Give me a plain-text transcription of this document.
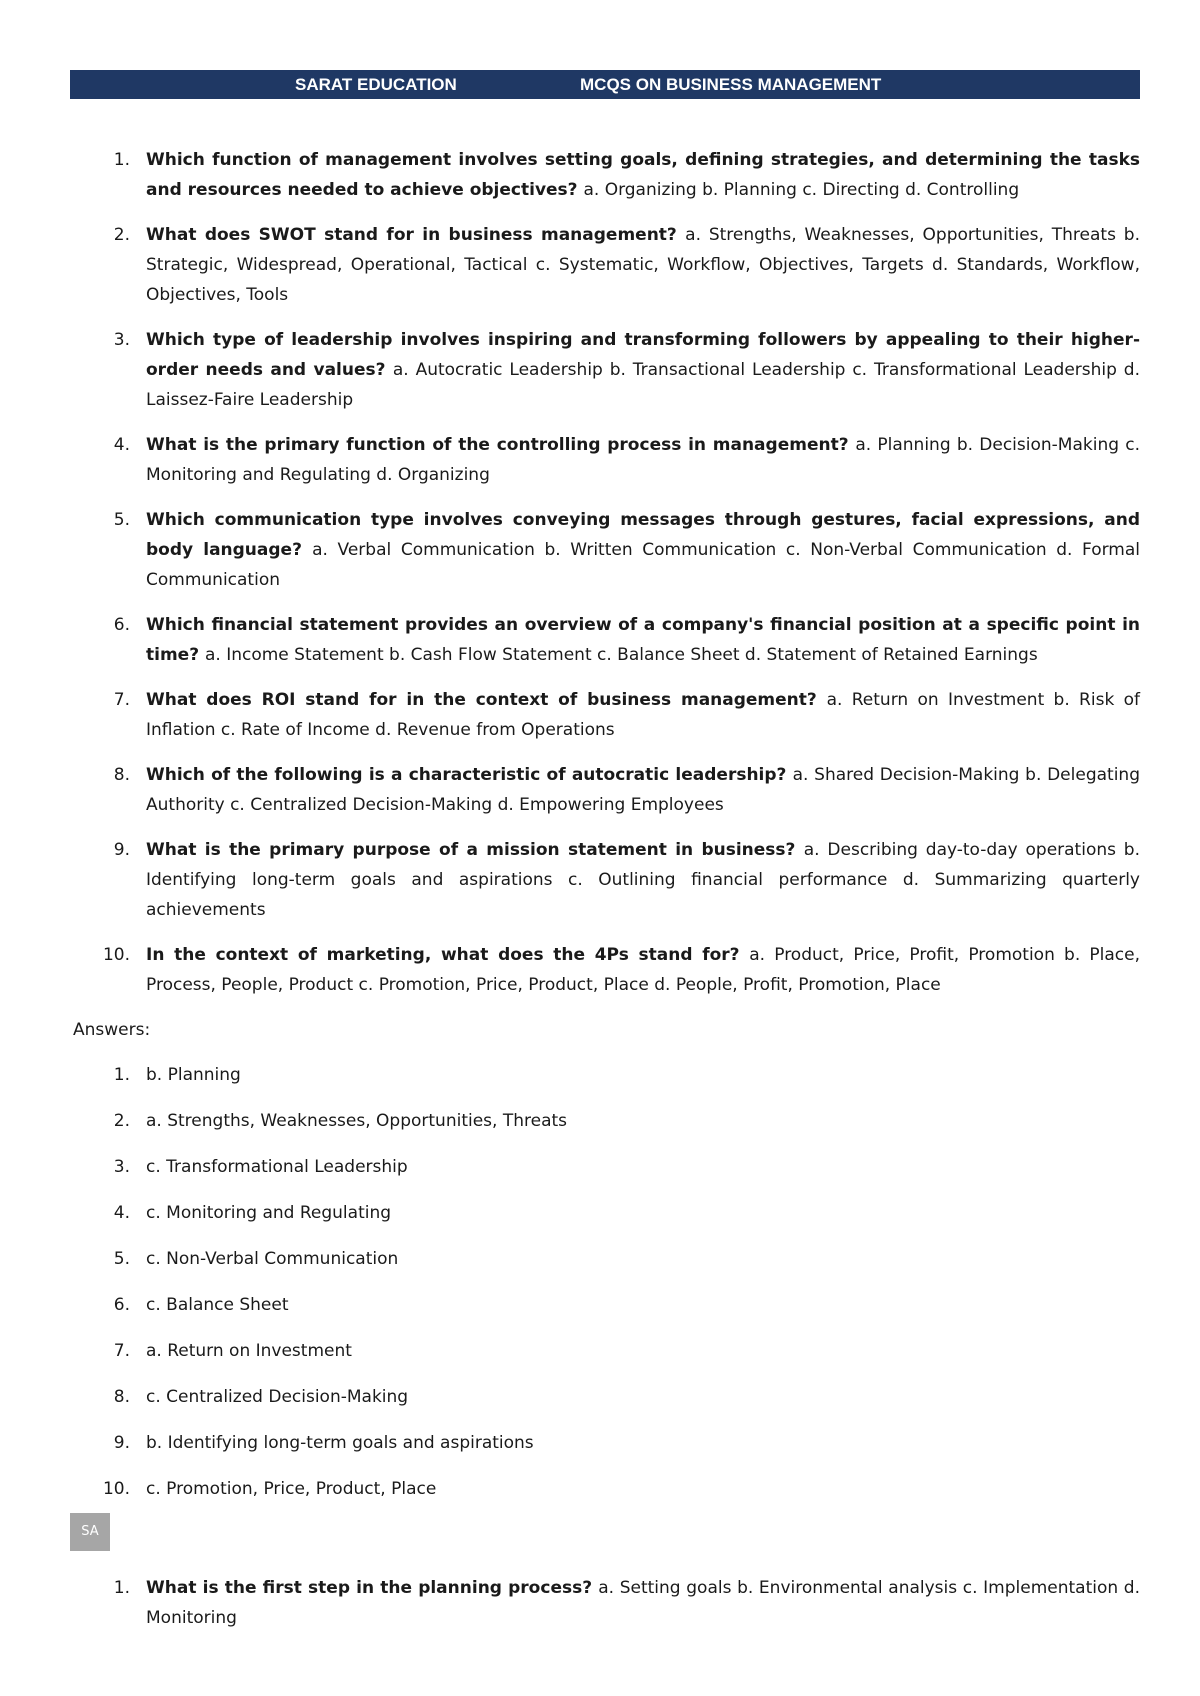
SARAT EDUCATION	MCQS ON BUSINESS MANAGEMENT
1. Which function of management involves setting goals, defining strategies, and determining the tasks and resources needed to achieve objectives? a. Organizing b. Planning c. Directing d. Controlling
2. What does SWOT stand for in business management? a. Strengths, Weaknesses, Opportunities, Threats b. Strategic, Widespread, Operational, Tactical c. Systematic, Workflow, Objectives, Targets d. Standards, Workflow, Objectives, Tools
3. Which type of leadership involves inspiring and transforming followers by appealing to their higher-order needs and values? a. Autocratic Leadership b. Transactional Leadership c. Transformational Leadership d. Laissez-Faire Leadership
4. What is the primary function of the controlling process in management? a. Planning b. Decision-Making c. Monitoring and Regulating d. Organizing
5. Which communication type involves conveying messages through gestures, facial expressions, and body language? a. Verbal Communication b. Written Communication c. Non-Verbal Communication d. Formal Communication
6. Which financial statement provides an overview of a company's financial position at a specific point in time? a. Income Statement b. Cash Flow Statement c. Balance Sheet d. Statement of Retained Earnings
7. What does ROI stand for in the context of business management? a. Return on Investment b. Risk of Inflation c. Rate of Income d. Revenue from Operations
8. Which of the following is a characteristic of autocratic leadership? a. Shared Decision-Making b. Delegating Authority c. Centralized Decision-Making d. Empowering Employees
9. What is the primary purpose of a mission statement in business? a. Describing day-to-day operations b. Identifying long-term goals and aspirations c. Outlining financial performance d. Summarizing quarterly achievements
10. In the context of marketing, what does the 4Ps stand for? a. Product, Price, Profit, Promotion b. Place, Process, People, Product c. Promotion, Price, Product, Place d. People, Profit, Promotion, Place
Answers:
1. b. Planning
2. a. Strengths, Weaknesses, Opportunities, Threats
3. c. Transformational Leadership
4. c. Monitoring and Regulating
5. c. Non-Verbal Communication
6. c. Balance Sheet
7. a. Return on Investment
8. c. Centralized Decision-Making
9. b. Identifying long-term goals and aspirations
10. c. Promotion, Price, Product, Place
SA
1. What is the first step in the planning process? a. Setting goals b. Environmental analysis c. Implementation d. Monitoring
